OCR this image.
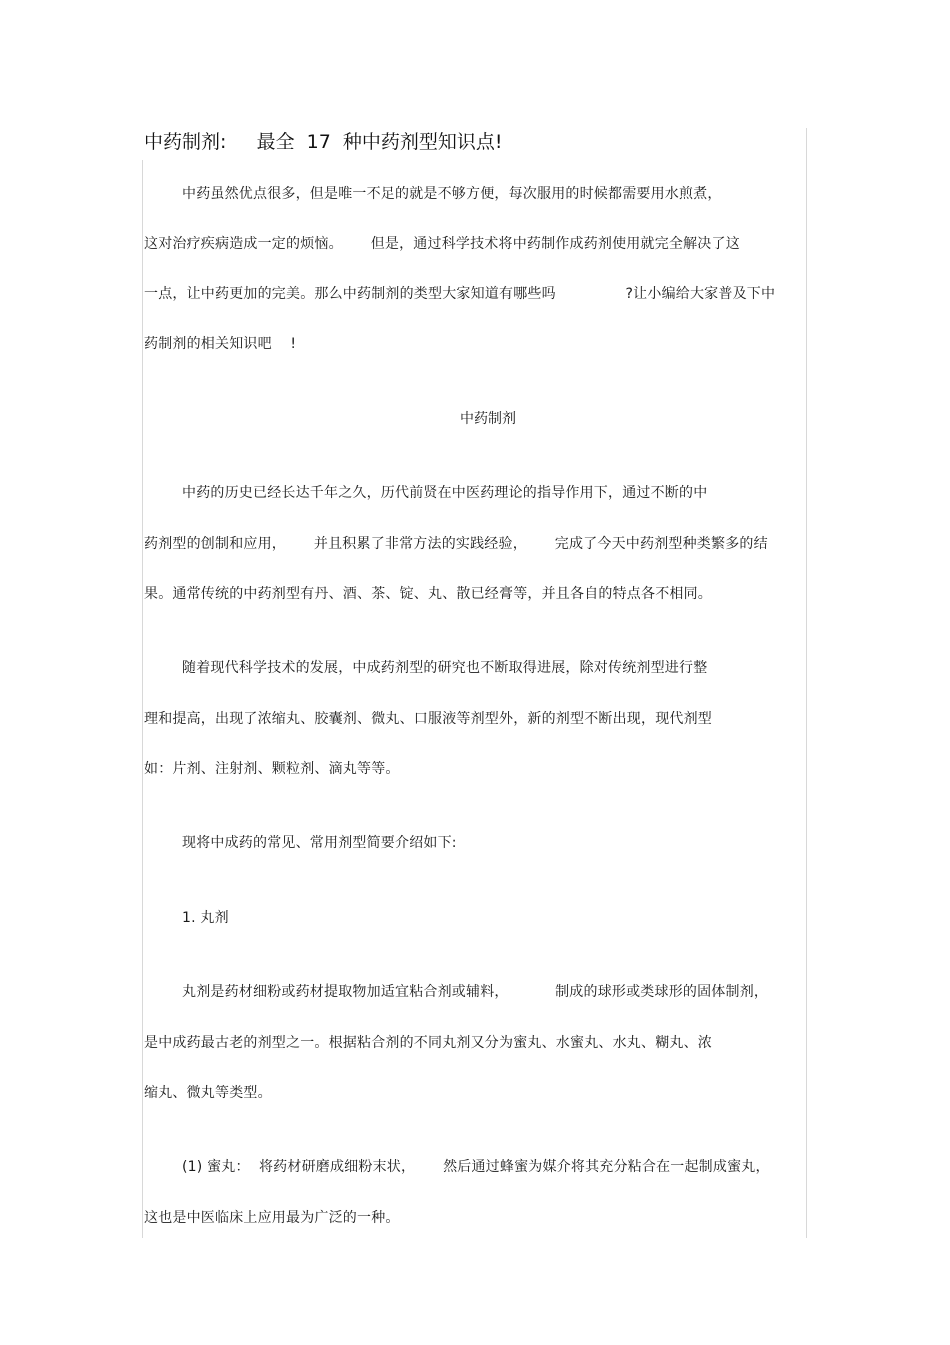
中药制剂:     最全  17  种中药剂型知识点!
中药虽然优点很多，但是唯一不足的就是不够方便，每次服用的时候都需要用水煎煮，
这对治疗疾病造成一定的烦恼。      但是，通过科学技术将中药制作成药剂使用就完全解决了这
一点，让中药更加的完美。那么中药制剂的类型大家知道有哪些吗               ?让小编给大家普及下中
药制剂的相关知识吧    !
中药制剂
中药的历史已经长达千年之久，历代前贤在中医药理论的指导作用下，通过不断的中
药剂型的创制和应用，      并且积累了非常方法的实践经验，      完成了今天中药剂型种类繁多的结
果。通常传统的中药剂型有丹、酒、茶、锭、丸、散已经膏等，并且各自的特点各不相同。
随着现代科学技术的发展，中成药剂型的研究也不断取得进展，除对传统剂型进行整
理和提高，出现了浓缩丸、胶囊剂、微丸、口服液等剂型外，新的剂型不断出现，现代剂型
如：片剂、注射剂、颗粒剂、滴丸等等。
现将中成药的常见、常用剂型简要介绍如下:
1. 丸剂
丸剂是药材细粉或药材提取物加适宜粘合剂或辅料，          制成的球形或类球形的固体制剂，
是中成药最古老的剂型之一。根据粘合剂的不同丸剂又分为蜜丸、水蜜丸、水丸、糊丸、浓
缩丸、微丸等类型。
(1) 蜜丸：  将药材研磨成细粉末状，      然后通过蜂蜜为媒介将其充分粘合在一起制成蜜丸，
这也是中医临床上应用最为广泛的一种。
